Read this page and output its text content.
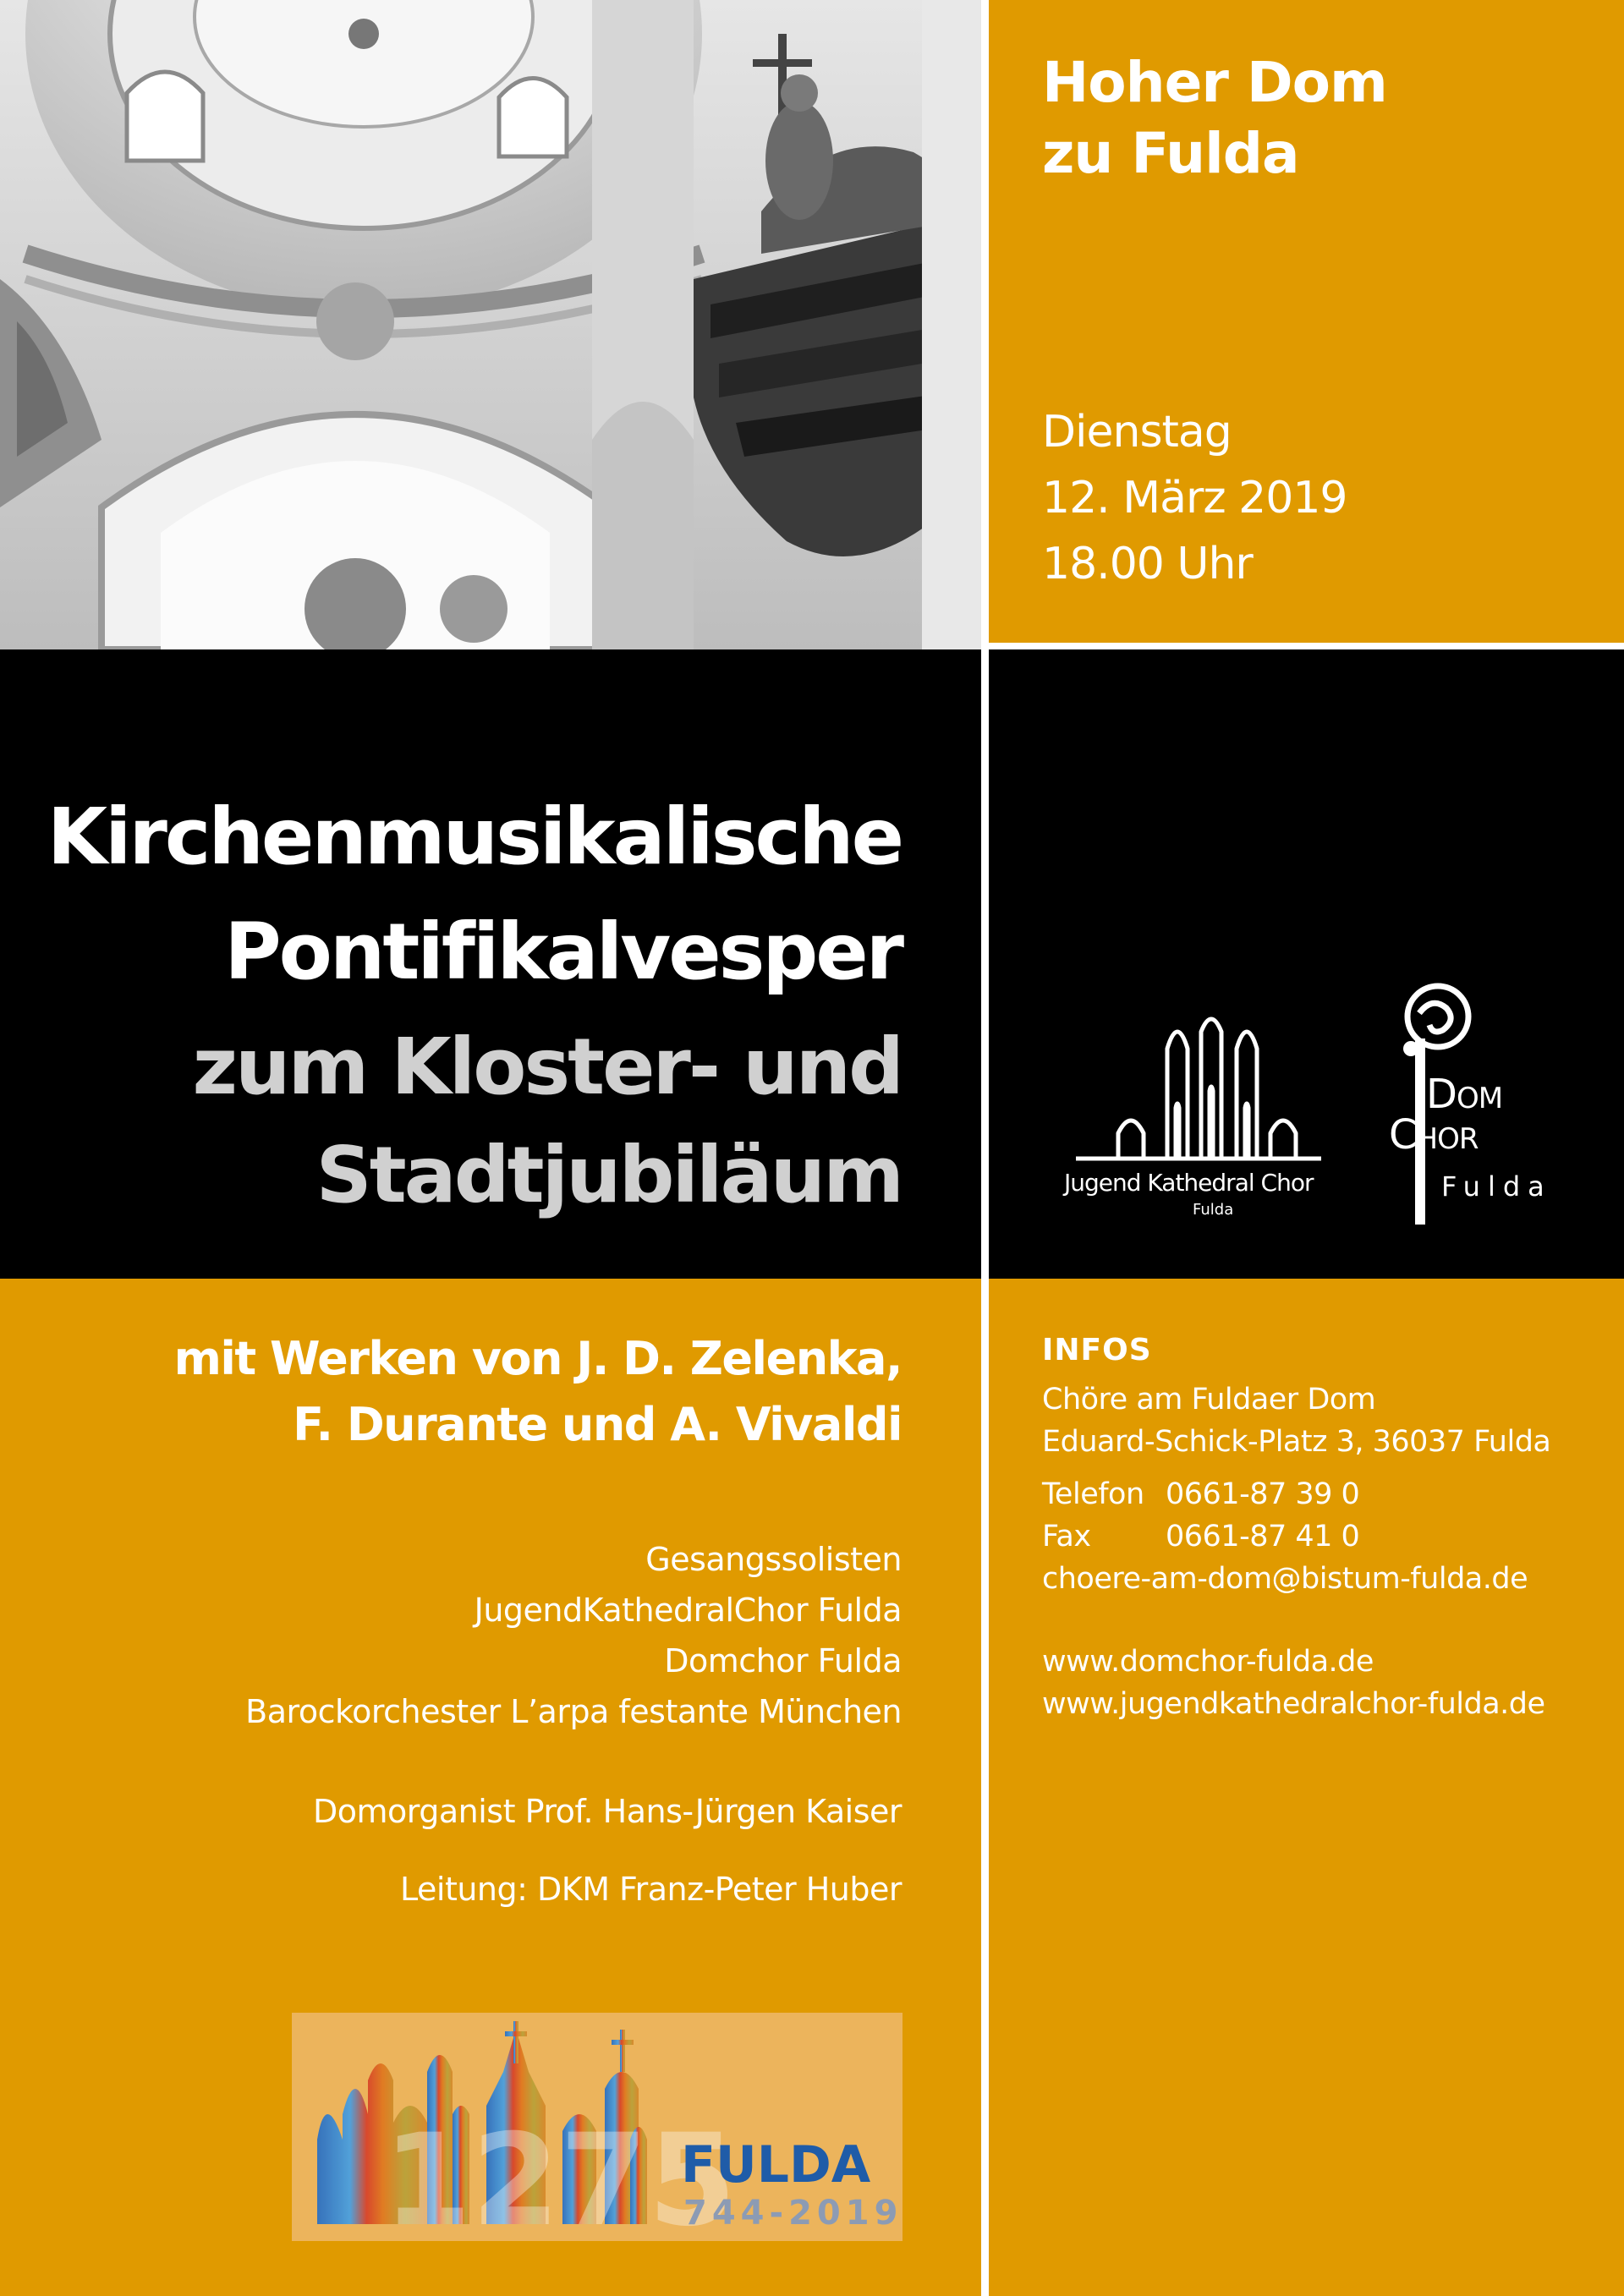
Hoher Dom
zu Fulda
Dienstag
12. März 2019
18.00 Uhr
Kirchenmusikalische
Pontifikalvesper
zum Kloster- und
Stadtjubiläum	Jugend Kathedral Chor
Fulda
Dom
Chor
Fulda
mit Werken von J. D. Zelenka,
F. Durante und A. Vivaldi
Gesangssolisten
JugendKathedralChor Fulda
Domchor Fulda
Barockorchester L’arpa festante München
Domorganist Prof. Hans-Jürgen Kaiser
Leitung: DKM Franz-Peter Huber
INFOS
Chöre am Fuldaer Dom
Eduard-Schick-Platz 3, 36037 Fulda
Telefon 0661-87 39 0
Fax	0661-87 41 0
choere-am-dom@bistum-fulda.de
www.domchor-fulda.de
www.jugendkathedralchor-fulda.de
1275
FULDA
744-2019
